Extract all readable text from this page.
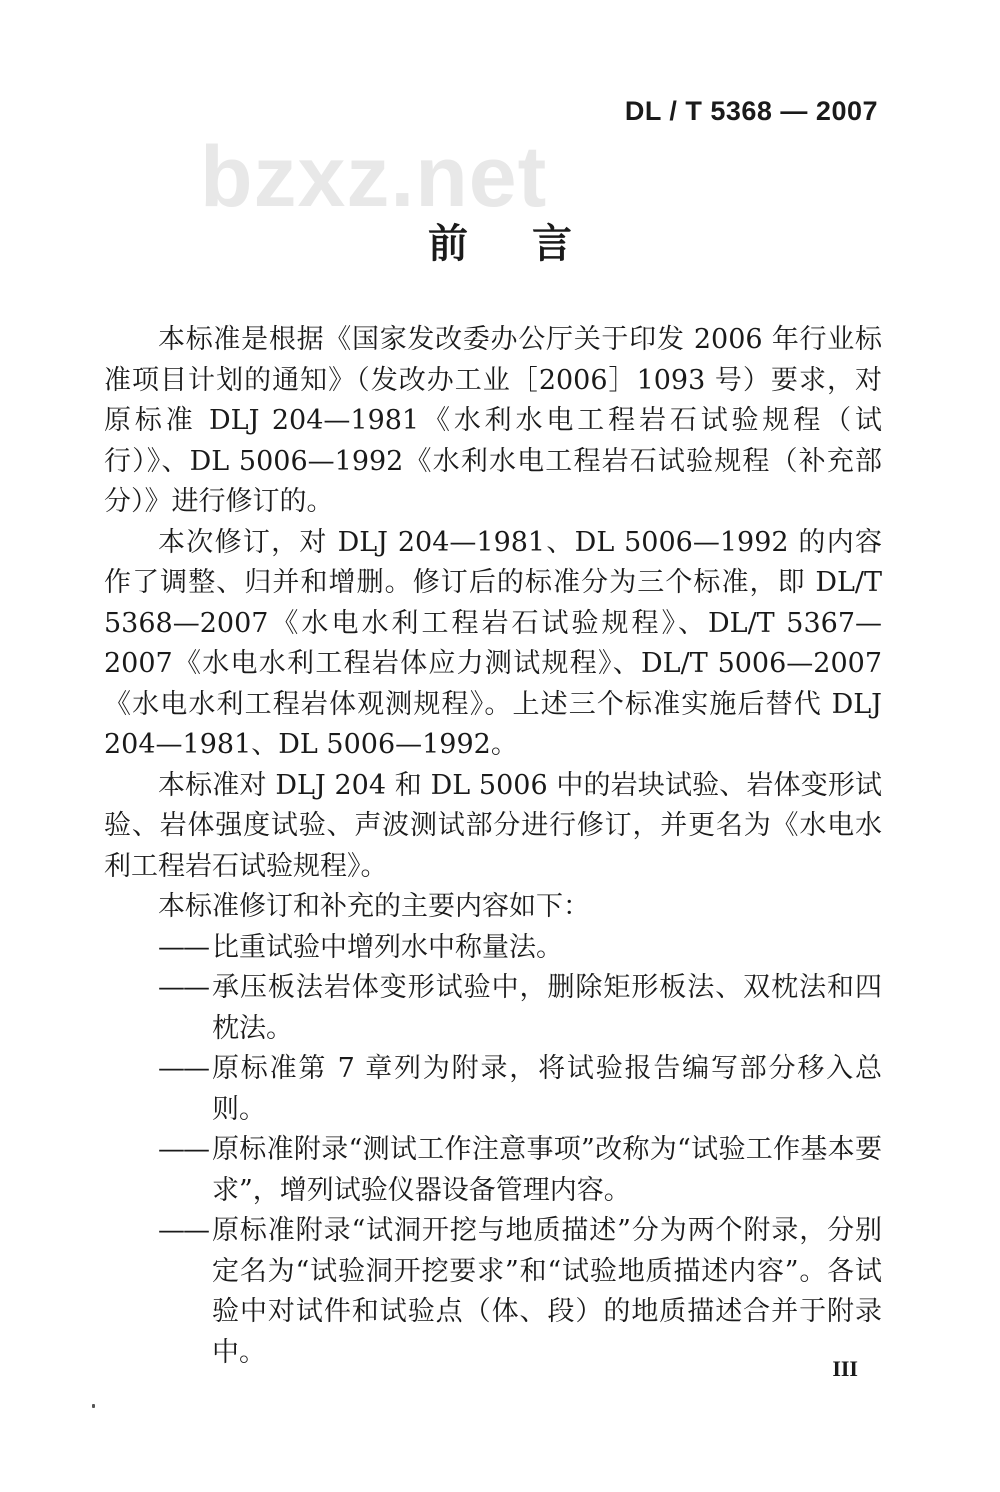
bzxz.net
DL / T 5368 — 2007
前言

本标准是根据《国家发改委办公厅关于印发 2006 年行业标准项目计划的通知》（发改办工业［2006］1093 号）要求，对原标准 DLJ 204—1981《水利水电工程岩石试验规程（试行）》、DL 5006—1992《水利水电工程岩石试验规程（补充部分）》进行修订的。

本次修订，对 DLJ 204—1981、DL 5006—1992 的内容作了调整、归并和增删。修订后的标准分为三个标准，即 DL/T 5368—2007《水电水利工程岩石试验规程》、DL/T 5367—2007《水电水利工程岩体应力测试规程》、DL/T 5006—2007《水电水利工程岩体观测规程》。上述三个标准实施后替代 DLJ 204—1981、DL 5006—1992。

本标准对 DLJ 204 和 DL 5006 中的岩块试验、岩体变形试验、岩体强度试验、声波测试部分进行修订，并更名为《水电水利工程岩石试验规程》。

本标准修订和补充的主要内容如下：

—— 比重试验中增列水中称量法。
—— 承压板法岩体变形试验中，删除矩形板法、双枕法和四枕法。
—— 原标准第 7 章列为附录，将试验报告编写部分移入总则。
—— 原标准附录“测试工作注意事项”改称为“试验工作基本要求”，增列试验仪器设备管理内容。
—— 原标准附录“试洞开挖与地质描述”分为两个附录，分别定名为“试验洞开挖要求”和“试验地质描述内容”。各试验中对试件和试验点（体、段）的地质描述合并于附录中。
III
